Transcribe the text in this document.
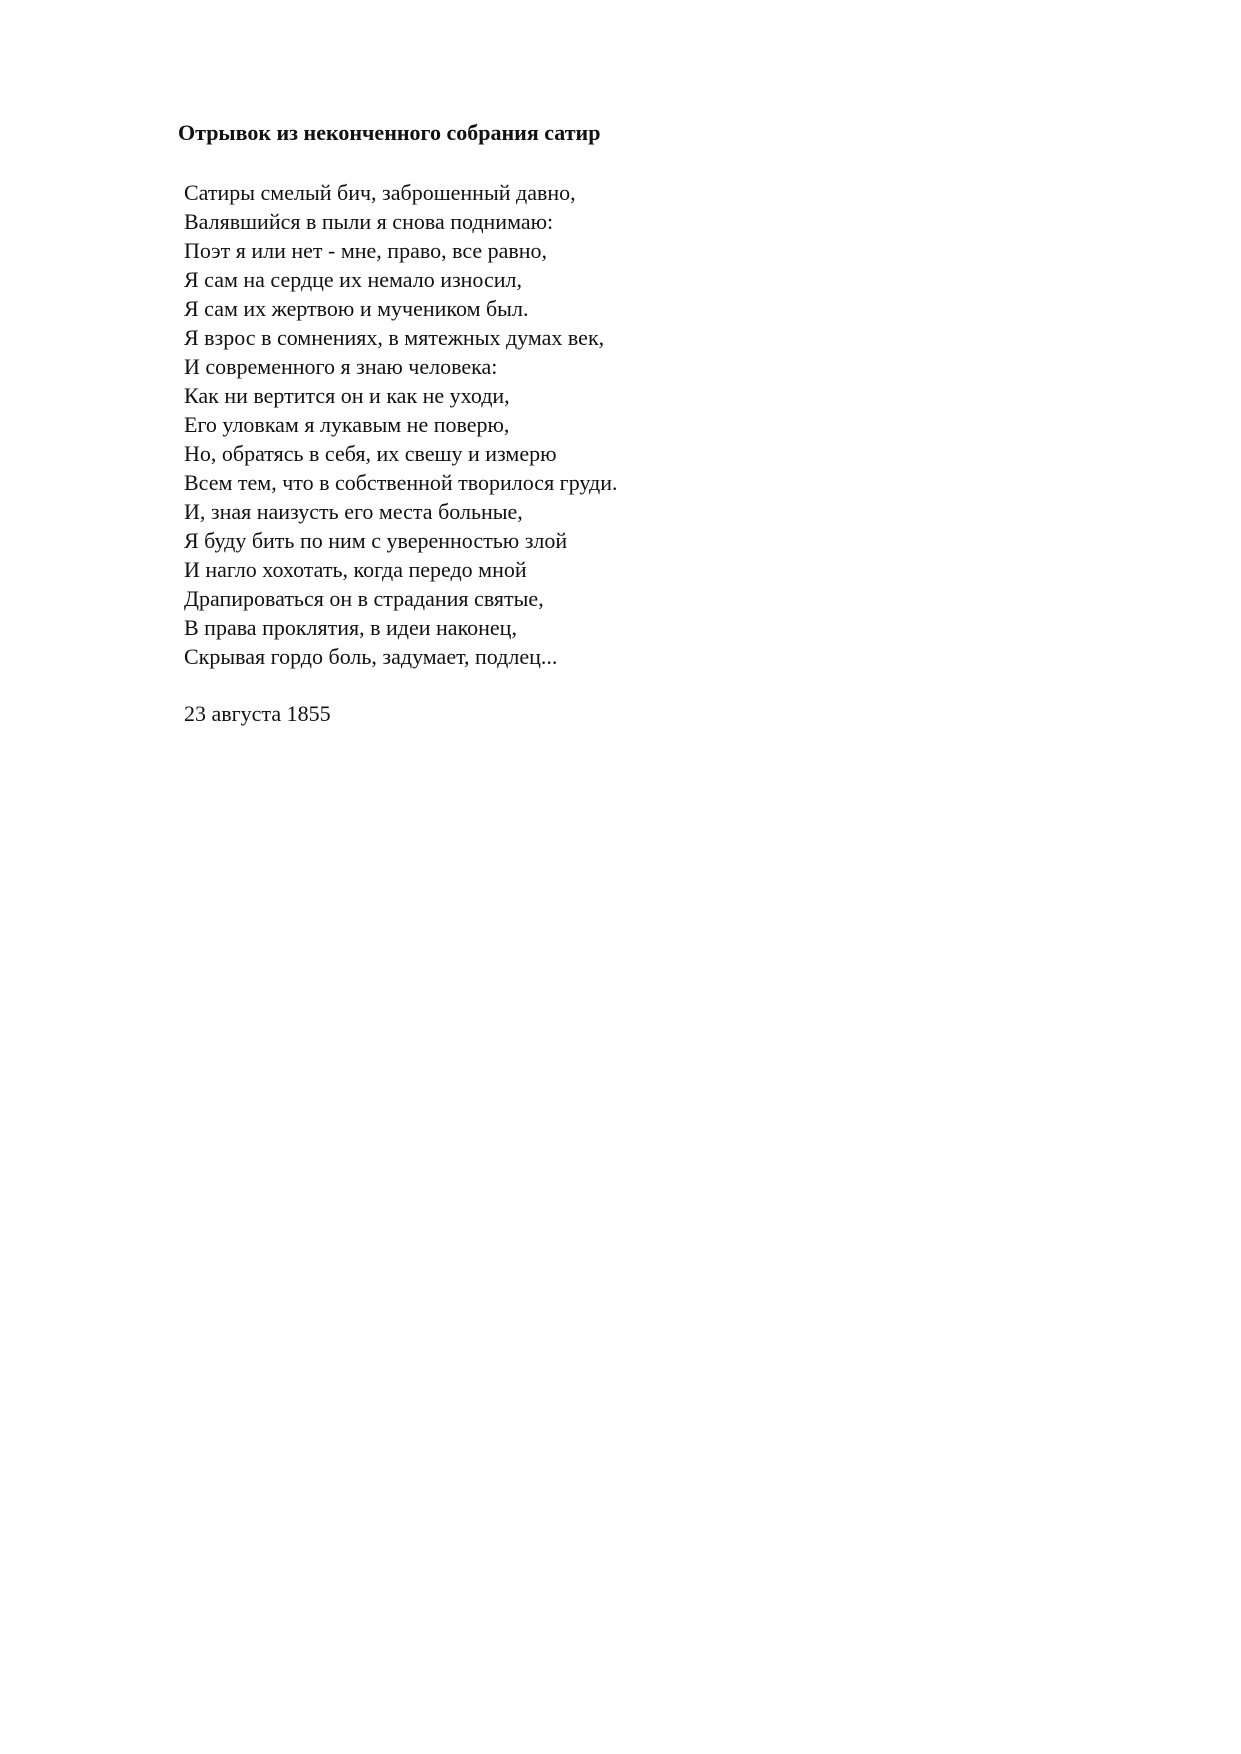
Отрывок из неконченного собрания сатир
Сатиры смелый бич, заброшенный давно,
Валявшийся в пыли я снова поднимаю:
Поэт я или нет - мне, право, все равно,
Я сам на сердце их немало износил,
Я сам их жертвою и мучеником был.
Я взрос в сомнениях, в мятежных думах век,
И современного я знаю человека:
Как ни вертится он и как не уходи,
Его уловкам я лукавым не поверю,
Но, обратясь в себя, их свешу и измерю
Всем тем, что в собственной творилося груди.
И, зная наизусть его места больные,
Я буду бить по ним с уверенностью злой
И нагло хохотать, когда передо мной
Драпироваться он в страдания святые,
В права проклятия, в идеи наконец,
Скрывая гордо боль, задумает, подлец...

23 августа 1855
